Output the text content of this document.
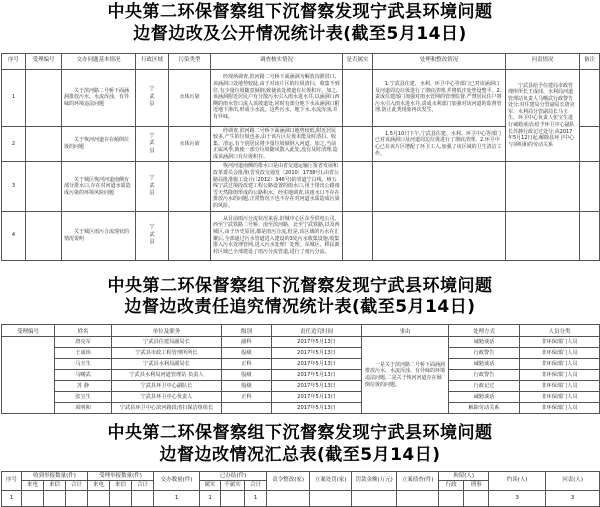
中央第二环保督察组下沉督察发现宁武县环境问题
边督边改及公开情况统计表(截至5月14日)
序号	受理编号	交办问题基本情况	行政区域	污染类型	调查核实情况	是否属实	处理和整改情况	问责情况	备注
1		关于滨河路二号桥下面涵洞排放污水、水流浑浊、有异味的环境违法问题	宁武县	水体污染	经现场调查,滨河路二号桥下面涵洞为解放沟泄洪口,该涵洞口处地势较陡,由于对该片区的垃圾清扫、收集不到位,有少量垃圾随意倾倒,致使该处坡道有垃圾积存。加之,该涵洞附近居民户有分散污水引入雨水进水井,以涵洞口西侧的雨水管口流入该坡道处,同时有部分地下水从涵洞口附近地下渗出,形成小水流。这些污水、地下水,水流浑浊,并有异味。		1.宁武县住建、水利、环卫中心等部门已对该涵洞口及河道周边垃圾进行了彻底清理,并将低洼处垫设整平。2.责成住建部门加强对雨水管网的管理监督,严禁居民住户将污水引入雨水进水井,责成水利部门加强对该河道的监督管理,防止此类现象再次发生。	宁武县给予住建局市政管理所所长王成纬、水利局河道管理站负责人马曙武行政警告处分;对住建局分管副局长唐亮军、水利局分管副局长马玉生、环卫中心负责人张宝生进行诫勉谈话;给予环卫中心副队长苏静行政记过处分;从2017年5月12日起,解除县环卫中心与项明和的劳动关系	
2		关于恢河河道存在倾倒垃圾的问题	宁武县	水体污染	经调查,滨河路二号桥下面涵洞口地势较低,附近居民较多,产生的垃圾也多,由于该片区垃圾未能及时清扫、收集、清运,有个别居民将少量垃圾倾倒入河道。加之,当前正属风季,致使一部分垃圾随风散入此处,没有及时清理,造成该涵洞口有垃圾积存。		1.5月10日下午,宁武县住建、水利、环卫中心等部门已对该涵洞口及河道周边垃圾进行了彻底清理。2.环卫中心已在该片区增配了环卫工人,加强了该区域的卫生清洁工作。		
3		关于城区恢河河道南侧有部分排水口,存在对河道水质造成污染的环境风险问题	宁武县		恢河河道南侧的排水口是由省交通运输厅报省发展和改革委员会批准(晋发改交通发〔2010〕1738号),由省公路局批准施工设计(〔2012〕346号)的省道宁白线、崞五线宁武过境段改建工程公路设置的雨水口,用于排出公路雨雪天然降雨形成的公路积水。经实地调查,该雨水口不存在排放污水的问题,正常情况下也不存在对河道水质造成污染的风险。				
4		关于城区雨污合流现状的情况说明	宁武县		从目前雨污分流状况来看,旧城中心区东至供电公司、西至宁武铁路二号桥、南至滨河路、北至宁武铁路,以及西城区,由于历史原因,都是雨污合流,但是,该区域的污水在汇聚后,全部通过污水管道进入建设的3处污水收集设施,收集排入污水处理管网,进入污水处理厂处理。东城区、移民新村区域已全部建设了雨污分流管道,进行了雨污分流。				
中央第二环保督察组下沉督察发现宁武县环境问题
边督边改责任追究情况统计表(截至5月14日)
受理编号	姓名	单位及职务	级别	责任追究时间	事由	处理方式	人员分类
	唐亮军	宁武县住建局副局长	副科	2017年5月13日	一是关于滨河路二号桥下面涵洞排放污水、水流浑浊、有异味的环境违法问题,二是关于恢河河道存在倾倒垃圾的问题。	诫勉谈话	非环保部门人员
	王成纬	宁武县市政工程管理所所长	股级	2017年5月13日		行政警告	非环保部门人员
	马玉生	宁武县水利局副局长	正科	2017年5月13日		诫勉谈话	非环保部门人员
	马曙武	宁武县水利局河道管理站 负责人	股级	2017年5月13日		行政警告	非环保部门人员
	苏 静	宁武县环卫中心副队长	股级	2017年5月13日		行政记过	非环保部门人员
	张宝生	宁武县环卫中心负责人	正科	2017年5月13日		诫勉谈话	非环保部门人员
	项明和	宁武县环卫中心滨河路段清扫保洁组组长		2017年5月13日		解除劳动关系	非环保部门人员
中央第二环保督察组下沉督察发现宁武县环境问题
边督边改情况汇总表(截至5月14日)
序号	收到举报数量(件)			受理举报数量(件)			交办数量(件)	已办结(件)			责令整改(家)	立案处罚(家)	罚款金额(万元)	立案侦查(件)	拘留(人)		约谈(人)	问责(人)
	来电	来信	合计	来电	来信	合计		属实	不属实	合计					行政	刑事		
1							1	1		1							3	3
